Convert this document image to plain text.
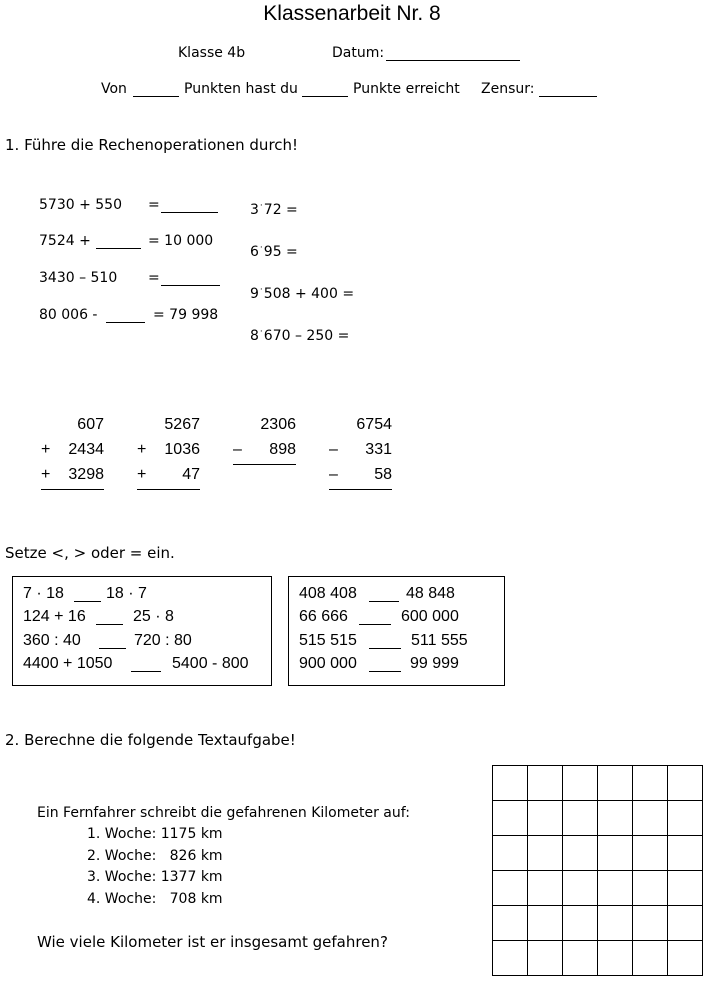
Klassenarbeit Nr. 8
Klasse 4b	Datum:
Von	Punkten hast du	Punkte erreicht Zensur:
1. Führe die Rechenoperationen durch!
5730 + 550 =
7524 +	= 10 000
3430 – 510 =
80 006 -	= 79 998
3·72 =
6·95 =
9·508 + 400 =
8·670 – 250 =
607
+	2434
+	3298
5267
+	1036
+	47
2306
–	898
6754
–	331
–	58
Setze <, > oder = ein.
7 · 18	18 · 7
124 + 16	25 · 8
360 : 40	720 : 80
4400 + 1050	5400 - 800
408 408	48 848
66 666	600 000
515 515	511 555
900 000	99 999
2. Berechne die folgende Textaufgabe!
Ein Fernfahrer schreibt die gefahrenen Kilometer auf:
1. Woche: 1175 km
2. Woche:   826 km
3. Woche: 1377 km
4. Woche:   708 km
Wie viele Kilometer ist er insgesamt gefahren?
